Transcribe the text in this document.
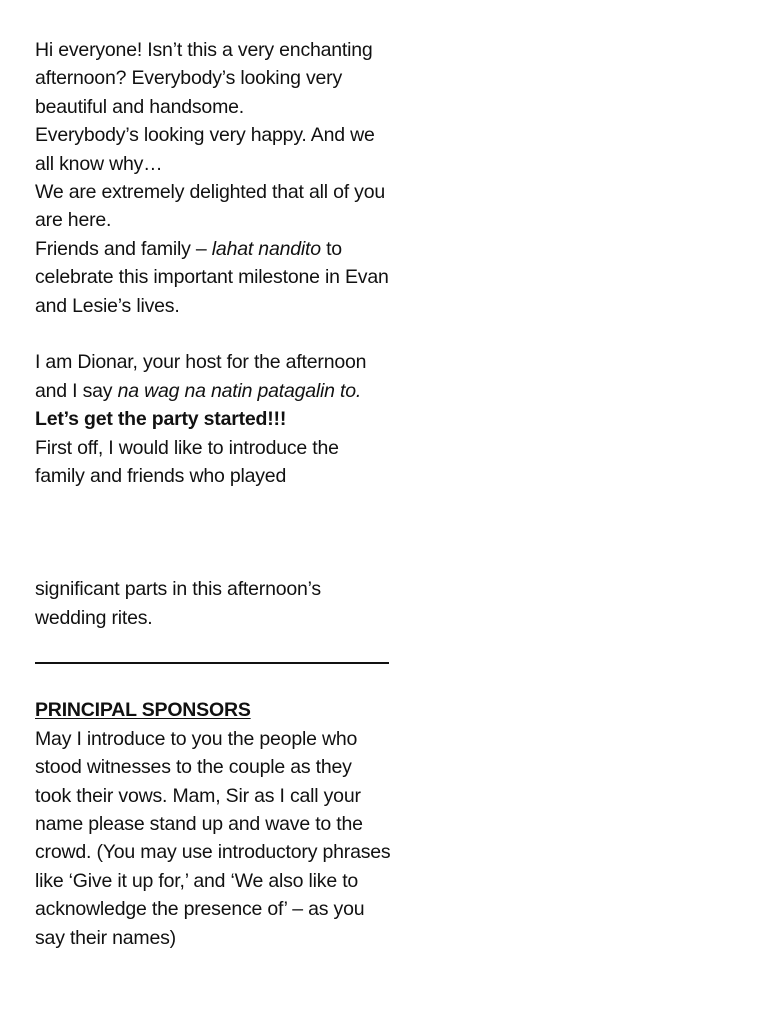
Hi everyone! Isn’t this a very enchanting afternoon? Everybody’s looking very beautiful and handsome.

Everybody’s looking very happy. And we all know why…

We are extremely delighted that all of you are here.

Friends and family – lahat nandito to celebrate this important milestone in Evan and Lesie’s lives.

I am Dionar, your host for the afternoon and I say na wag na natin patagalin to. Let’s get the party started!!!

First off, I would like to introduce the family and friends who played

significant parts in this afternoon’s wedding rites.

PRINCIPAL SPONSORS

May I introduce to you the people who stood witnesses to the couple as they took their vows. Mam, Sir as I call your name please stand up and wave to the crowd. (You may use introductory phrases like ‘Give it up for,’ and ‘We also like to acknowledge the presence of’ – as you say their names)
